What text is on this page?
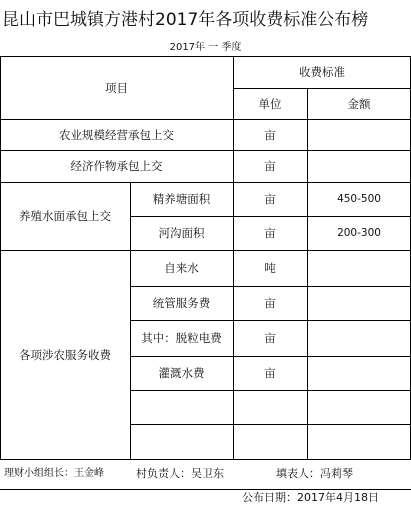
昆山市巴城镇方港村2017年各项收费标准公布榜
2017年 一 季度
项目
收费标准
单位	金额
农业规模经营承包上交	亩
经济作物承包上交	亩
养殖水面承包上交
精养塘面积	亩	450-500
河沟面积	亩	200-300
各项涉农服务收费
自来水	吨
统管服务费	亩
其中：脱粒电费	亩
灌溉水费	亩
理财小组组长：王金峰	村负责人：吴卫东	填表人：冯莉琴
公布日期：2017年4月18日
